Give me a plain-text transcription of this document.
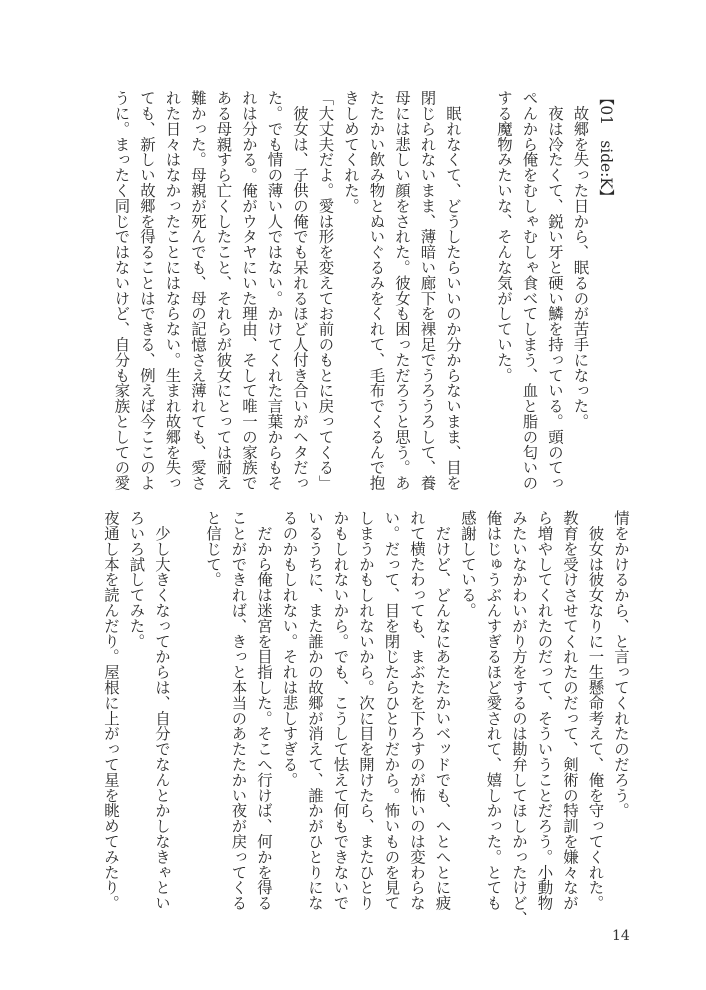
【01　side:K】
　故郷を失った日から、眠るのが苦手になった。
　夜は冷たくて、鋭い牙と硬い鱗を持っている。頭のてっ
ぺんから俺をむしゃむしゃ食べてしまう、血と脂の匂いの
する魔物みたいな、そんな気がしていた。
　眠れなくて、どうしたらいいのか分からないまま、目を
閉じられないまま、薄暗い廊下を裸足でうろうろして、養
母には悲しい顔をされた。彼女も困っただろうと思う。あ
たたかい飲み物とぬいぐるみをくれて、毛布でくるんで抱
きしめてくれた。
「大丈夫だよ。愛は形を変えてお前のもとに戻ってくる」
　彼女は、子供の俺でも呆れるほど人付き合いがヘタだっ
た。でも情の薄い人ではない。かけてくれた言葉からもそ
れは分かる。俺がウタヤにいた理由、そして唯一の家族で
ある母親すら亡くしたこと、それらが彼女にとっては耐え
難かった。母親が死んでも、母の記憶さえ薄れても、愛さ
れた日々はなかったことにはならない。生まれ故郷を失っ
ても、新しい故郷を得ることはできる、例えば今ここのよ
うに。まったく同じではないけど、自分も家族としての愛
情をかけるから、と言ってくれたのだろう。
　彼女は彼女なりに一生懸命考えて、俺を守ってくれた。
教育を受けさせてくれたのだって、剣術の特訓を嫌々なが
ら増やしてくれたのだって、そういうことだろう。小動物
みたいなかわいがり方をするのは勘弁してほしかったけど、
俺はじゅうぶんすぎるほど愛されて、嬉しかった。とても
感謝している。
　だけど、どんなにあたたかいベッドでも、へとへとに疲
れて横たわっても、まぶたを下ろすのが怖いのは変わらな
い。だって、目を閉じたらひとりだから。怖いものを見て
しまうかもしれないから。次に目を開けたら、またひとり
かもしれないから。でも、こうして怯えて何もできないで
いるうちに、また誰かの故郷が消えて、誰かがひとりにな
るのかもしれない。それは悲しすぎる。
　だから俺は迷宮を目指した。そこへ行けば、何かを得る
ことができれば、きっと本当のあたたかい夜が戻ってくる
と信じて。
　少し大きくなってからは、自分でなんとかしなきゃとい
ろいろ試してみた。
夜通し本を読んだり。屋根に上がって星を眺めてみたり。
14
